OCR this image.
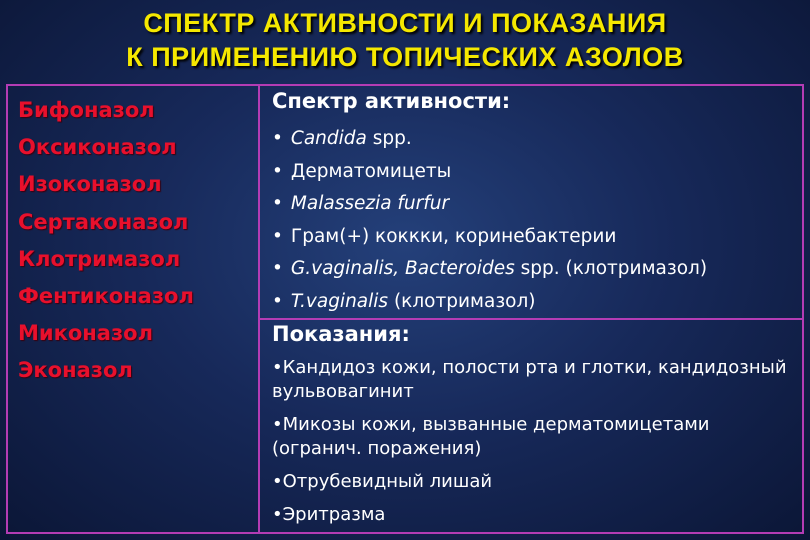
СПЕКТР АКТИВНОСТИ И ПОКАЗАНИЯ
К ПРИМЕНЕНИЮ ТОПИЧЕСКИХ АЗОЛОВ
Бифоназол
Оксиконазол
Изоконазол
Сертаконазол
Клотримазол
Фентиконазол
Миконазол
Эконазол
Спектр активности:
• Candida spp.
• Дерматомицеты
• Malassezia furfur
• Грам(+) коккки, коринебактерии
• G.vaginalis, Bacteroides spp. (клотримазол)
• T.vaginalis (клотримазол)
Показания:
•Кандидоз кожи, полости рта и глотки, кандидозный вульвовагинит
•Микозы кожи, вызванные дерматомицетами (огранич. поражения)
•Отрубевидный лишай
•Эритразма
